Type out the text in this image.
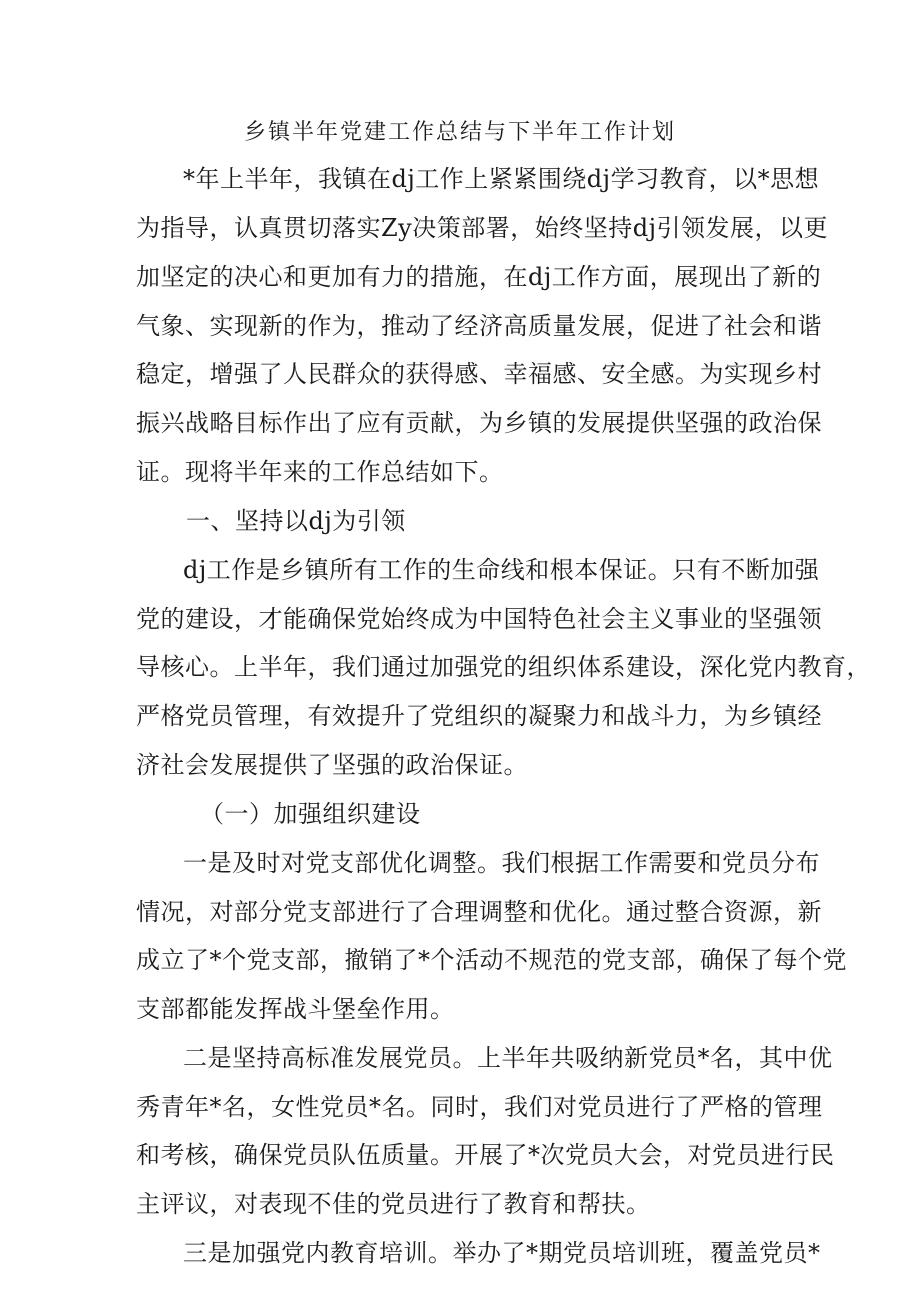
乡镇半年党建工作总结与下半年工作计划
*年上半年，我镇在dj工作上紧紧围绕dj学习教育，以*思想
为指导，认真贯切落实Zy决策部署，始终坚持dj引领发展，以更
加坚定的决心和更加有力的措施，在dj工作方面，展现出了新的
气象、实现新的作为，推动了经济高质量发展，促进了社会和谐
稳定，增强了人民群众的获得感、幸福感、安全感。为实现乡村
振兴战略目标作出了应有贡献，为乡镇的发展提供坚强的政治保
证。现将半年来的工作总结如下。
一、坚持以dj为引领
dj工作是乡镇所有工作的生命线和根本保证。只有不断加强
党的建设，才能确保党始终成为中国特色社会主义事业的坚强领
导核心。上半年，我们通过加强党的组织体系建设，深化党内教育，
严格党员管理，有效提升了党组织的凝聚力和战斗力，为乡镇经
济社会发展提供了坚强的政治保证。
（一）加强组织建设
一是及时对党支部优化调整。我们根据工作需要和党员分布
情况，对部分党支部进行了合理调整和优化。通过整合资源，新
成立了*个党支部，撤销了*个活动不规范的党支部，确保了每个党
支部都能发挥战斗堡垒作用。
二是坚持高标准发展党员。上半年共吸纳新党员*名，其中优
秀青年*名，女性党员*名。同时，我们对党员进行了严格的管理
和考核，确保党员队伍质量。开展了*次党员大会，对党员进行民
主评议，对表现不佳的党员进行了教育和帮扶。
三是加强党内教育培训。举办了*期党员培训班，覆盖党员*
